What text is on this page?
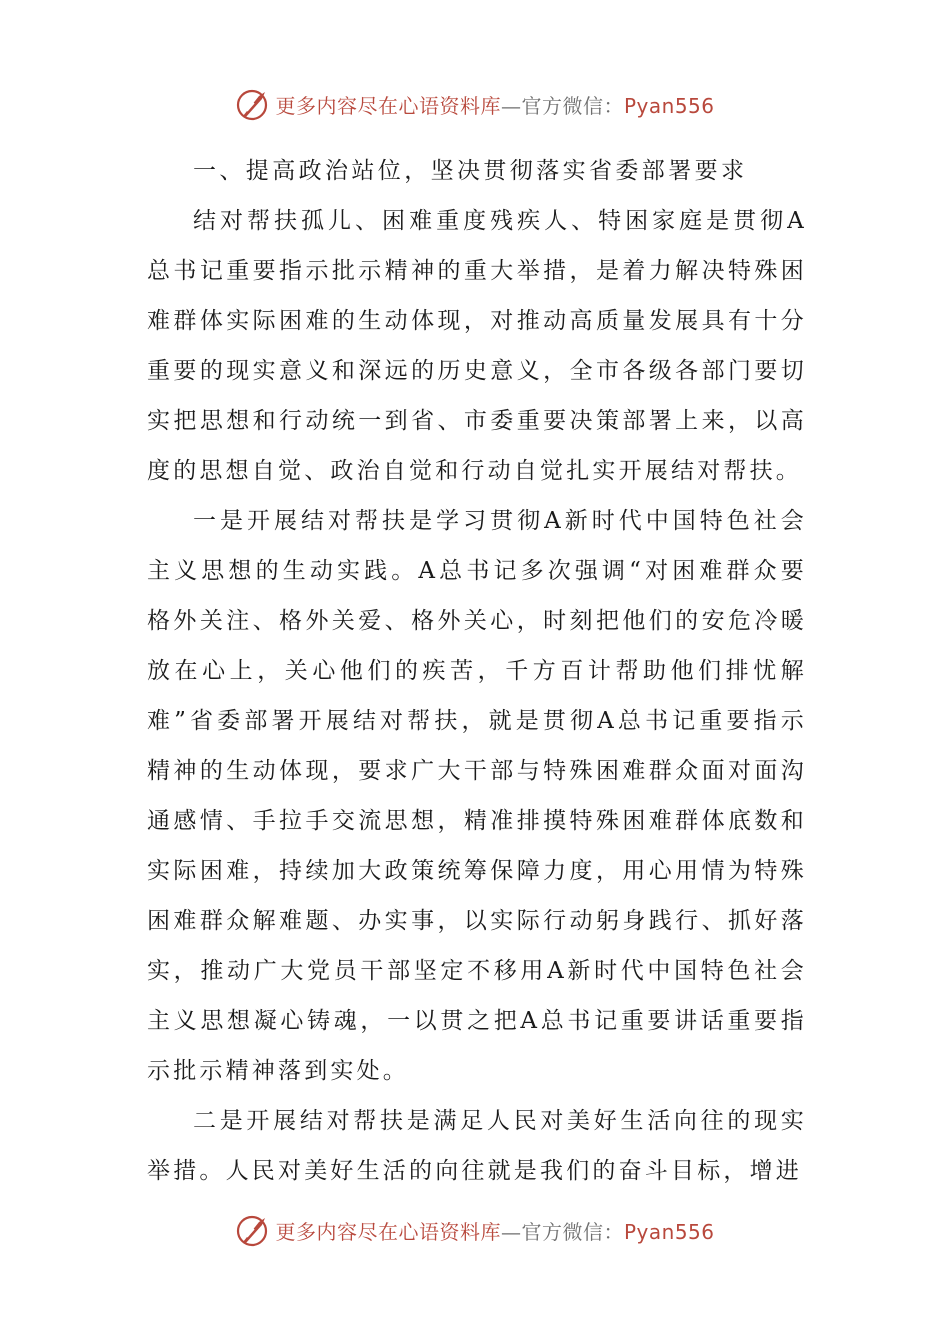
更多内容尽在心语资料库—官方微信：Pyan556

一、提高政治站位，坚决贯彻落实省委部署要求

结对帮扶孤儿、困难重度残疾人、特困家庭是贯彻A总书记重要指示批示精神的重大举措，是着力解决特殊困难群体实际困难的生动体现，对推动高质量发展具有十分重要的现实意义和深远的历史意义，全市各级各部门要切实把思想和行动统一到省、市委重要决策部署上来，以高度的思想自觉、政治自觉和行动自觉扎实开展结对帮扶。

一是开展结对帮扶是学习贯彻A新时代中国特色社会主义思想的生动实践。A总书记多次强调“对困难群众要格外关注、格外关爱、格外关心，时刻把他们的安危冷暖放在心上，关心他们的疾苦，千方百计帮助他们排忧解难”省委部署开展结对帮扶，就是贯彻A总书记重要指示精神的生动体现，要求广大干部与特殊困难群众面对面沟通感情、手拉手交流思想，精准排摸特殊困难群体底数和实际困难，持续加大政策统筹保障力度，用心用情为特殊困难群众解难题、办实事，以实际行动躬身践行、抓好落实，推动广大党员干部坚定不移用A新时代中国特色社会主义思想凝心铸魂，一以贯之把A总书记重要讲话重要指示批示精神落到实处。

二是开展结对帮扶是满足人民对美好生活向往的现实举措。人民对美好生活的向往就是我们的奋斗目标，增进

更多内容尽在心语资料库—官方微信：Pyan556
